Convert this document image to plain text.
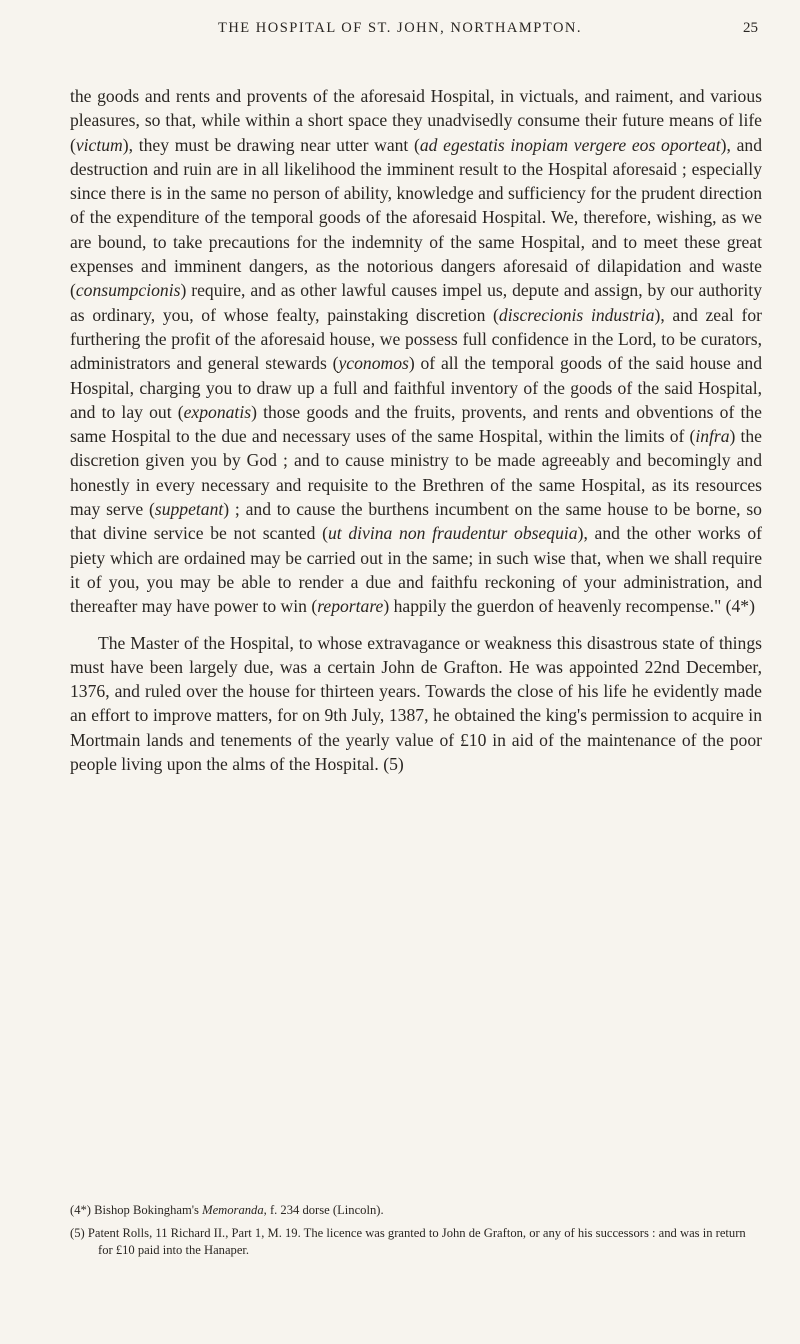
THE HOSPITAL OF ST. JOHN, NORTHAMPTON.	25

the goods and rents and provents of the aforesaid Hospital, in victuals, and raiment, and various pleasures, so that, while within a short space they unadvisedly consume their future means of life (victum), they must be drawing near utter want (ad egestatis inopiam vergere eos oporteat), and destruction and ruin are in all likelihood the imminent result to the Hospital aforesaid ; especially since there is in the same no person of ability, knowledge and sufficiency for the prudent direction of the expenditure of the temporal goods of the aforesaid Hospital. We, therefore, wishing, as we are bound, to take precautions for the indemnity of the same Hospital, and to meet these great expenses and imminent dangers, as the notorious dangers aforesaid of dilapidation and waste (consumpcionis) require, and as other lawful causes impel us, depute and assign, by our authority as ordinary, you, of whose fealty, painstaking discretion (discrecionis industria), and zeal for furthering the profit of the aforesaid house, we possess full confidence in the Lord, to be curators, administrators and general stewards (yconomos) of all the temporal goods of the said house and Hospital, charging you to draw up a full and faithful inventory of the goods of the said Hospital, and to lay out (exponatis) those goods and the fruits, provents, and rents and obventions of the same Hospital to the due and necessary uses of the same Hospital, within the limits of (infra) the discretion given you by God ; and to cause ministry to be made agreeably and becomingly and honestly in every necessary and requisite to the Brethren of the same Hospital, as its resources may serve (suppetant) ; and to cause the burthens incumbent on the same house to be borne, so that divine service be not scanted (ut divina non fraudentur obsequia), and the other works of piety which are ordained may be carried out in the same; in such wise that, when we shall require it of you, you may be able to render a due and faithfu reckoning of your administration, and thereafter may have power to win (reportare) happily the guerdon of heavenly recompense." (4*)

The Master of the Hospital, to whose extravagance or weakness this disastrous state of things must have been largely due, was a certain John de Grafton. He was appointed 22nd December, 1376, and ruled over the house for thirteen years. Towards the close of his life he evidently made an effort to improve matters, for on 9th July, 1387, he obtained the king's permission to acquire in Mortmain lands and tenements of the yearly value of £10 in aid of the maintenance of the poor people living upon the alms of the Hospital. (5)

(4*) Bishop Bokingham's Memoranda, f. 234 dorse (Lincoln).

(5) Patent Rolls, 11 Richard II., Part 1, M. 19. The licence was granted to John de Grafton, or any of his successors : and was in return for £10 paid into the Hanaper.
